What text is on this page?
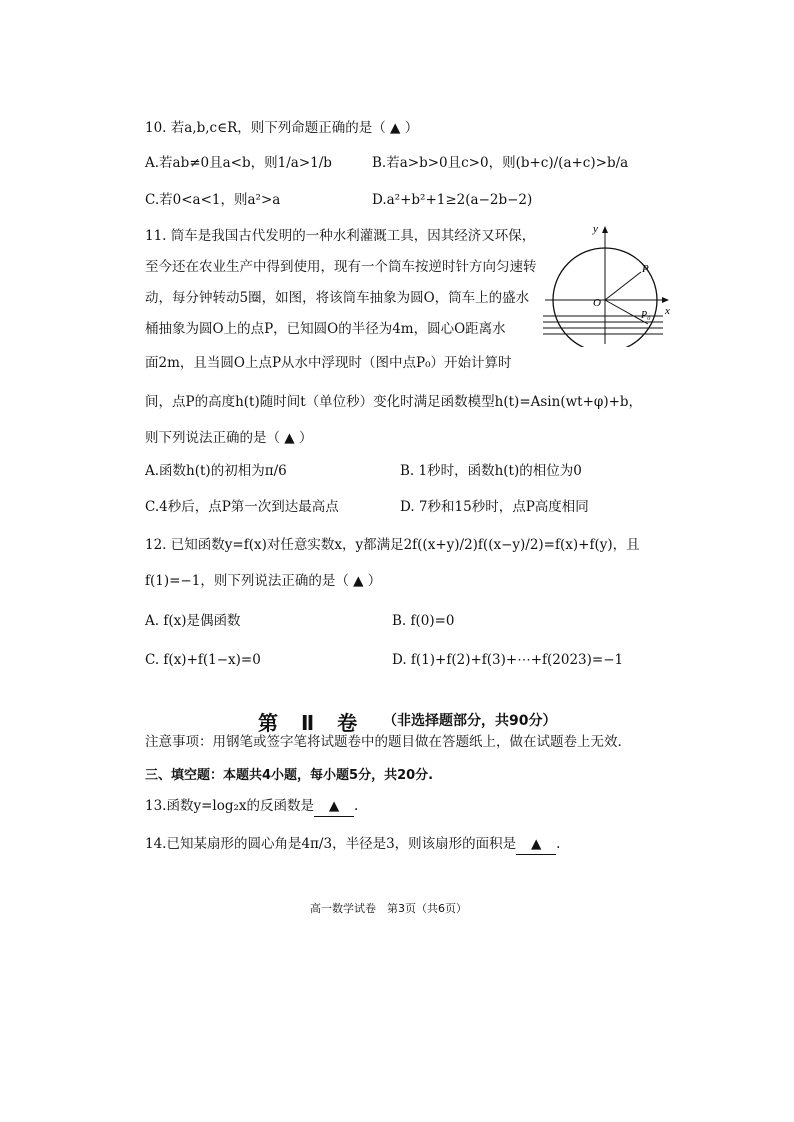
10. 若a,b,c∈R，则下列命题正确的是（ ▲ ）
A.若ab≠0且a<b，则1/a>1/b	B.若a>b>0且c>0，则(b+c)/(a+c)>b/a
C.若0<a<1，则a²>a	D.a²+b²+1≥2(a−2b−2)
11. 筒车是我国古代发明的一种水利灌溉工具，因其经济又环保，
至今还在农业生产中得到使用，现有一个筒车按逆时针方向匀速转
动，每分钟转动5圈，如图，将该筒车抽象为圆O，筒车上的盛水
桶抽象为圆O上的点P，已知圆O的半径为4m，圆心O距离水
面2m，且当圆O上点P从水中浮现时（图中点P₀）开始计算时
间，点P的高度h(t)随时间t（单位秒）变化时满足函数模型h(t)=Asin(wt+φ)+b，
则下列说法正确的是（ ▲ ）
A.函数h(t)的初相为π/6	B. 1秒时，函数h(t)的相位为0
C.4秒后，点P第一次到达最高点	D. 7秒和15秒时，点P高度相同
y
x
O
P
P₀
12. 已知函数y=f(x)对任意实数x，y都满足2f((x+y)/2)f((x−y)/2)=f(x)+f(y)，且
f(1)=−1，则下列说法正确的是（ ▲ ）
A. f(x)是偶函数	B. f(0)=0
C. f(x)+f(1−x)=0	D. f(1)+f(2)+f(3)+⋯+f(2023)=−1
第 Ⅱ 卷 （非选择题部分，共90分）
注意事项：用钢笔或签字笔将试题卷中的题目做在答题纸上，做在试题卷上无效.
三、填空题：本题共4小题，每小题5分，共20分.
13.函数y=log₂x的反函数是 ▲ .
14.已知某扇形的圆心角是4π/3，半径是3，则该扇形的面积是 ▲ .
高一数学试卷　第3页（共6页）
